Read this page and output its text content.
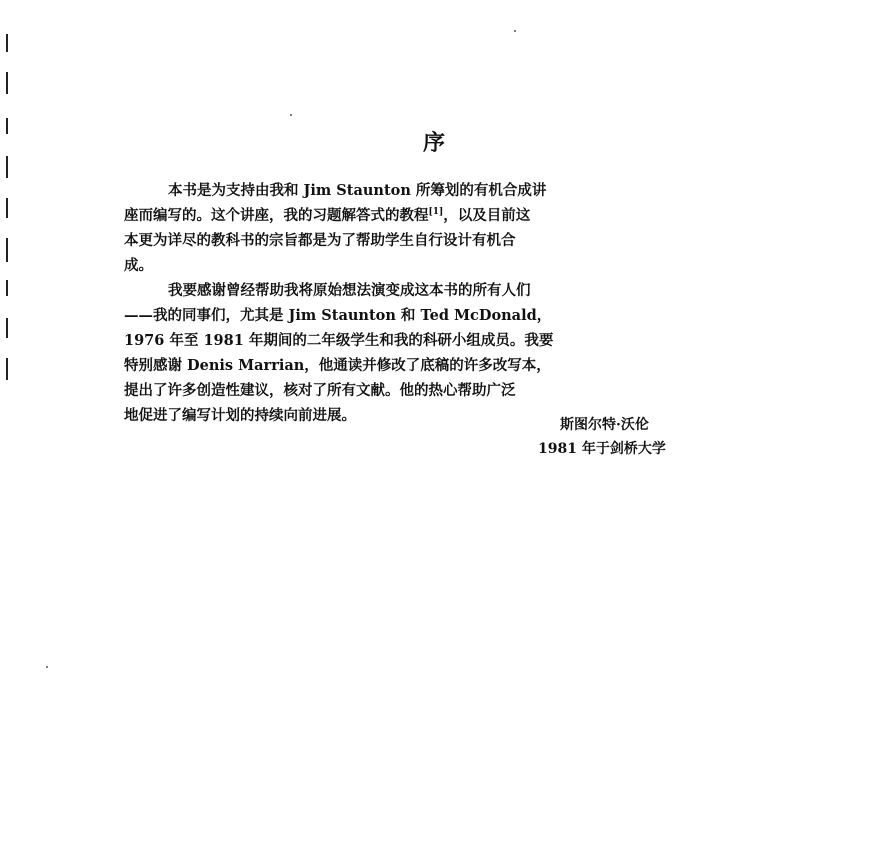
序
本书是为支持由我和 Jim Staunton 所筹划的有机合成讲
座而编写的。这个讲座，我的习题解答式的教程[1]，以及目前这
本更为详尽的教科书的宗旨都是为了帮助学生自行设计有机合
成。
我要感谢曾经帮助我将原始想法演变成这本书的所有人们
——我的同事们，尤其是 Jim Staunton 和 Ted McDonald，
1976 年至 1981 年期间的二年级学生和我的科研小组成员。我要
特别感谢 Denis Marrian，他通读并修改了底稿的许多改写本，
提出了许多创造性建议，核对了所有文献。他的热心帮助广泛
地促进了编写计划的持续向前进展。
斯图尔特·沃伦
1981 年于剑桥大学
